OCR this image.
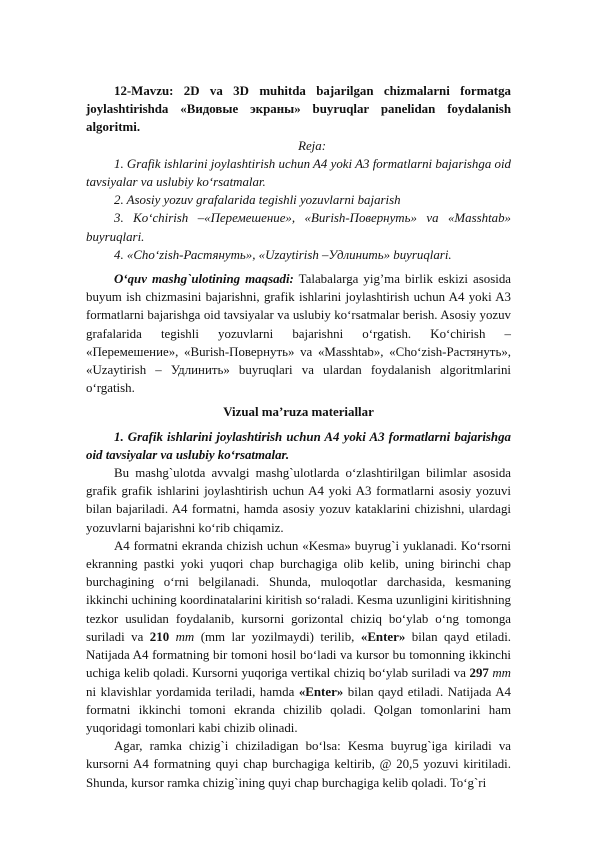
12-Mavzu: 2D va 3D muhitda bajarilgan chizmalarni formatga joylashtirishda «Видовые экраны» buyruqlar panelidan foydalanish algoritmi.

Reja:

1. Grafik ishlarini joylashtirish uchun A4 yoki A3 formatlarni bajarishga oid tavsiyalar va uslubiy ko‘rsatmalar.

2. Asosiy yozuv grafalarida tegishli yozuvlarni bajarish

3. Ko‘chirish –«Перемешение», «Burish-Повернуть» va «Masshtab» buyruqlari.

4. «Cho‘zish-Растянуть», «Uzaytirish –Удлинить» buyruqlari.

O‘quv mashg`ulotining maqsadi: Talabalarga yig’ma birlik eskizi asosida buyum ish chizmasini bajarishni, grafik ishlarini joylashtirish uchun A4 yoki A3 formatlarni bajarishga oid tavsiyalar va uslubiy ko‘rsatmalar berish. Asosiy yozuv grafalarida tegishli yozuvlarni bajarishni o‘rgatish. Ko‘chirish – «Перемешение», «Burish-Повернуть» va «Masshtab», «Cho‘zish-Растянуть», «Uzaytirish – Удлинить» buyruqlari va ulardan foydalanish algoritmlarini o‘rgatish.

Vizual ma’ruza materiallar

1. Grafik ishlarini joylashtirish uchun A4 yoki A3 formatlarni bajarishga oid tavsiyalar va uslubiy ko‘rsatmalar.

Bu mashg`ulotda avvalgi mashg`ulotlarda o‘zlashtirilgan bilimlar asosida grafik grafik ishlarini joylashtirish uchun A4 yoki A3 formatlarni asosiy yozuvi bilan bajariladi. A4 formatni, hamda asosiy yozuv kataklarini chizishni, ulardagi yozuvlarni bajarishni ko‘rib chiqamiz.

A4 formatni ekranda chizish uchun «Kesma» buyrug`i yuklanadi. Ko‘rsorni ekranning pastki yoki yuqori chap burchagiga olib kelib, uning birinchi chap burchagining o‘rni belgilanadi. Shunda, muloqotlar darchasida, kesmaning ikkinchi uchining koordinatalarini kiritish so‘raladi. Kesma uzunligini kiritishning tezkor usulidan foydalanib, kursorni gorizontal chiziq bo‘ylab o‘ng tomonga suriladi va 210 mm (mm lar yozilmaydi) terilib, «Enter» bilan qayd etiladi. Natijada A4 formatning bir tomoni hosil bo‘ladi va kursor bu tomonning ikkinchi uchiga kelib qoladi. Kursorni yuqoriga vertikal chiziq bo‘ylab suriladi va 297 mm ni klavishlar yordamida teriladi, hamda «Enter» bilan qayd etiladi. Natijada A4 formatni ikkinchi tomoni ekranda chizilib qoladi. Qolgan tomonlarini ham yuqoridagi tomonlari kabi chizib olinadi.

Agar, ramka chizig`i chiziladigan bo‘lsa: Kesma buyrug`iga kiriladi va kursorni A4 formatning quyi chap burchagiga keltirib, @ 20,5 yozuvi kiritiladi. Shunda, kursor ramka chizig`ining quyi chap burchagiga kelib qoladi. To‘g`ri
